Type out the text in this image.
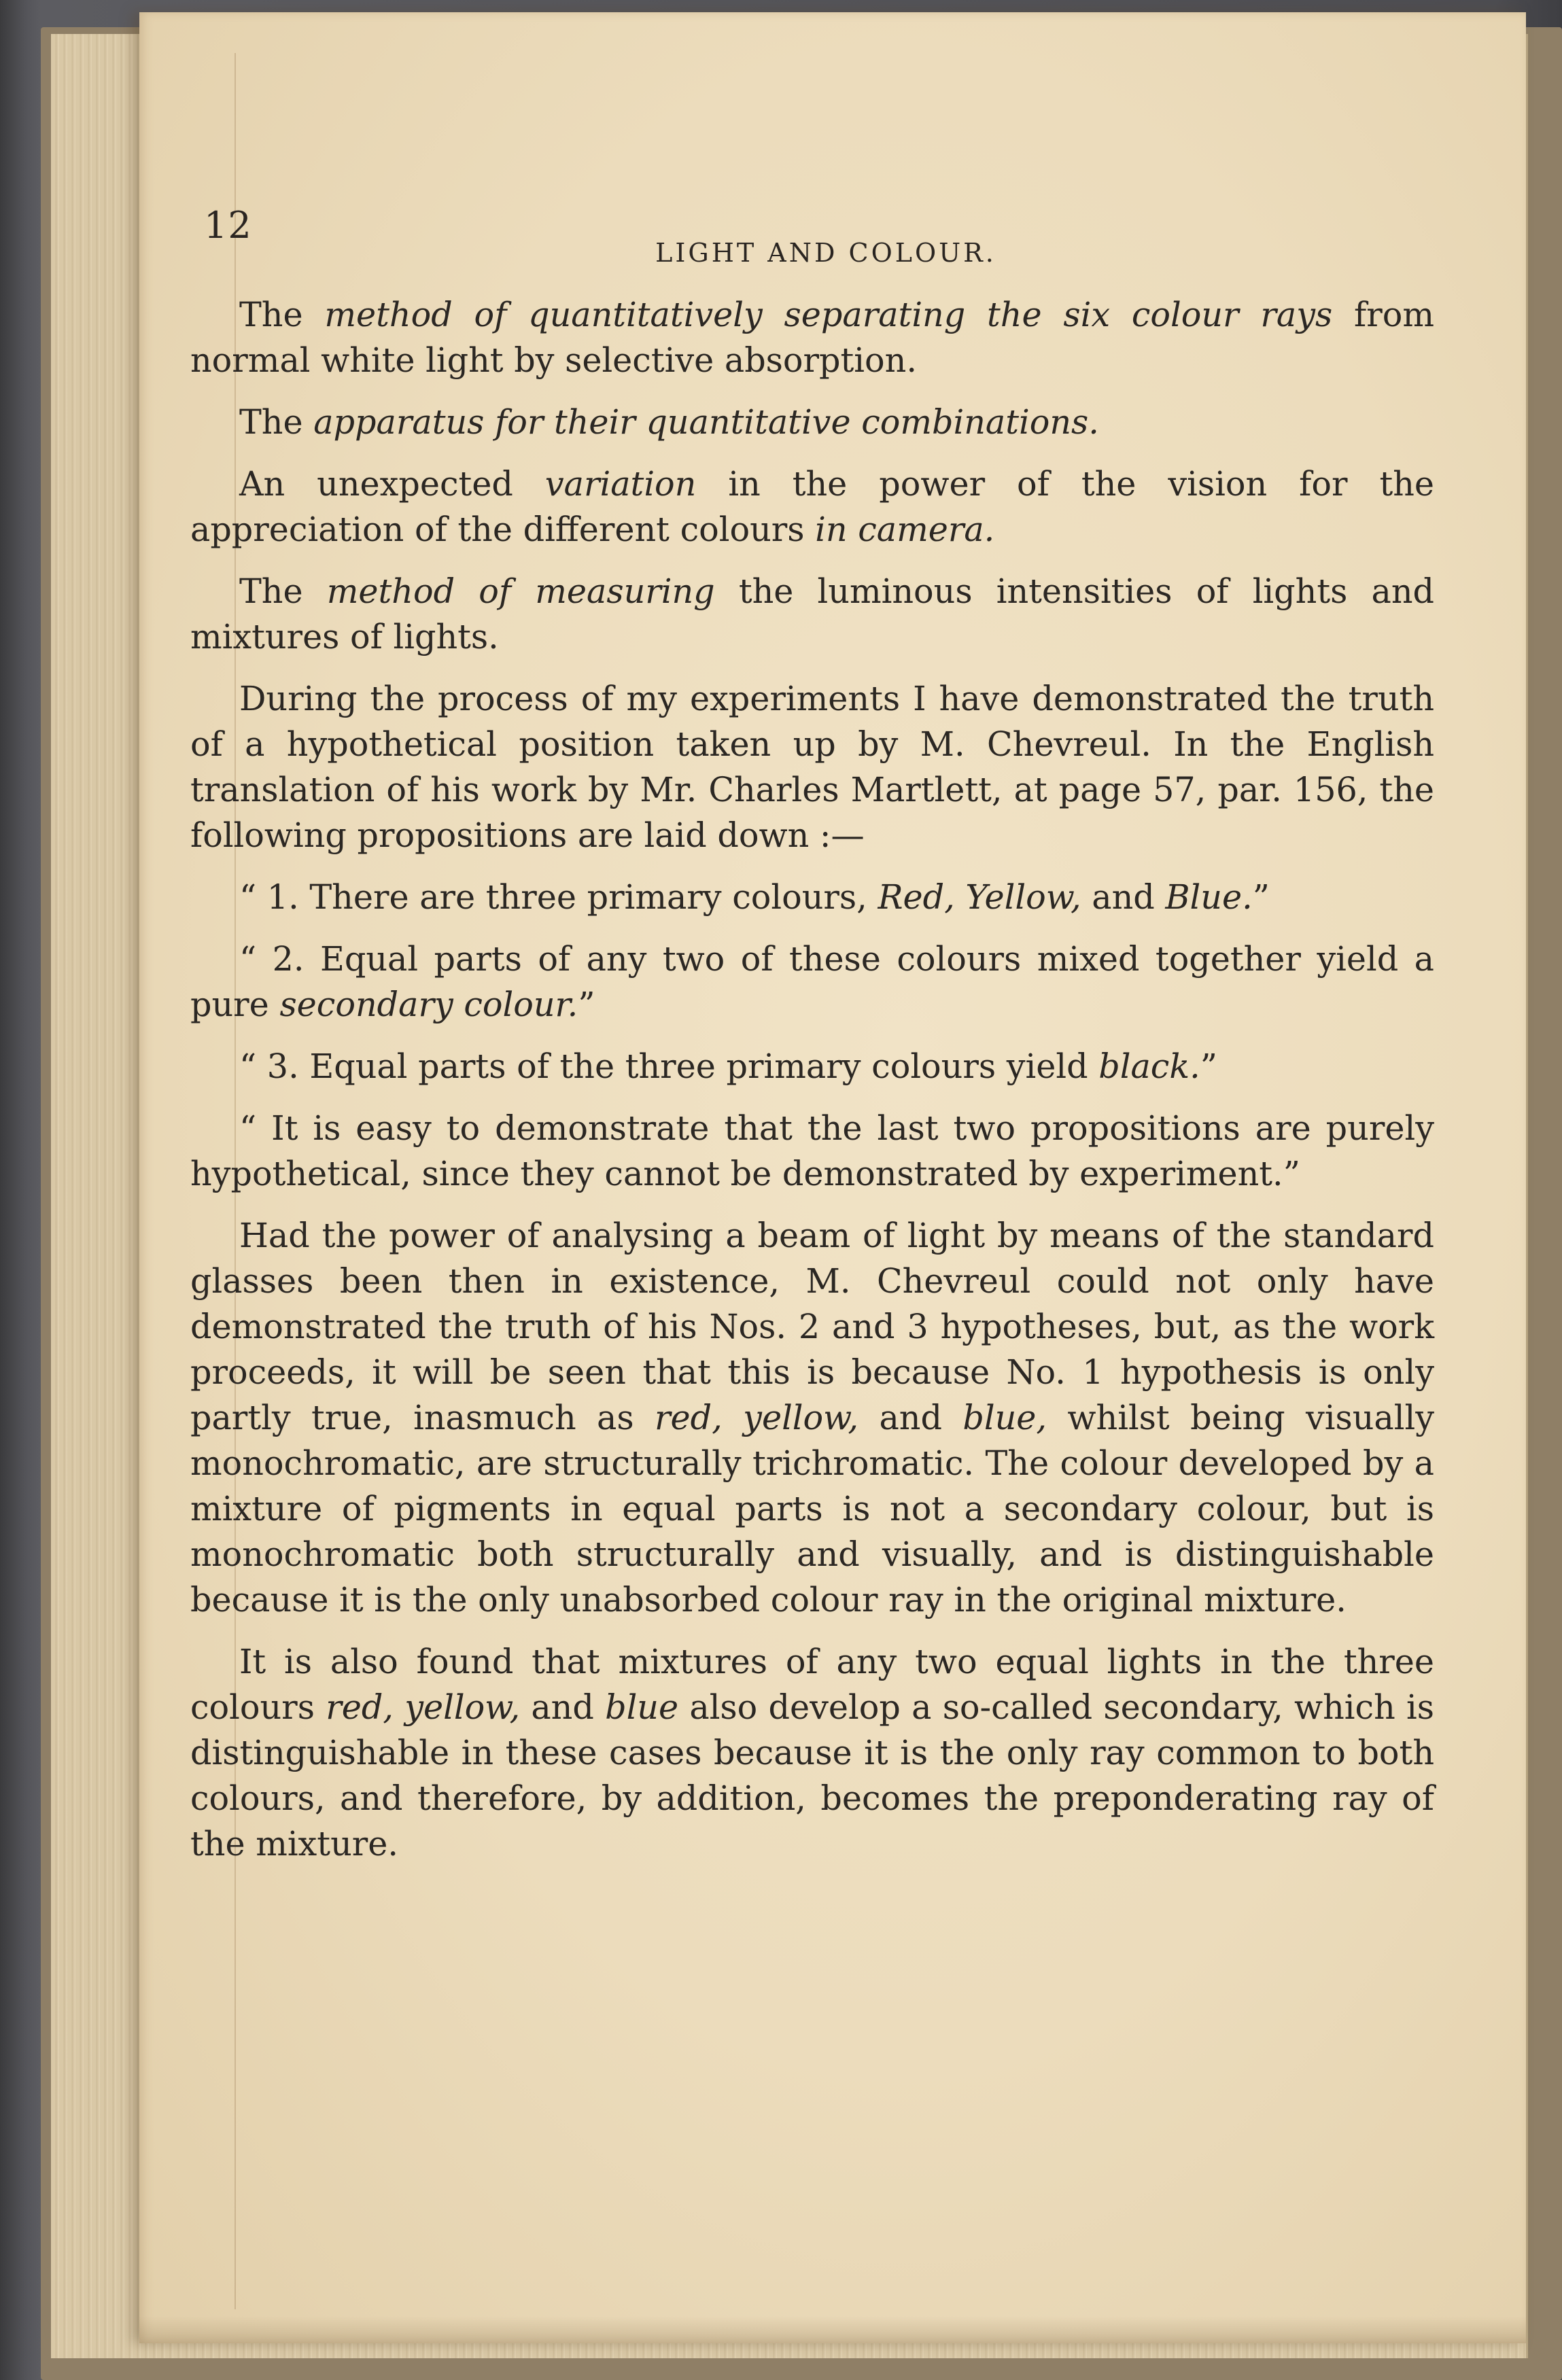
12
LIGHT AND COLOUR.

The method of quantitatively separating the six colour rays from normal white light by selective absorption.

The apparatus for their quantitative combinations.

An unexpected variation in the power of the vision for the appreciation of the different colours in camera.

The method of measuring the luminous intensities of lights and mixtures of lights.

During the process of my experiments I have demonstrated the truth of a hypothetical position taken up by M. Chevreul. In the English translation of his work by Mr. Charles Martlett, at page 57, par. 156, the following propositions are laid down :—

“ 1. There are three primary colours, Red, Yellow, and Blue.”

“ 2. Equal parts of any two of these colours mixed together yield a pure secondary colour.”

“ 3. Equal parts of the three primary colours yield black.”

“ It is easy to demonstrate that the last two propositions are purely hypothetical, since they cannot be demonstrated by experiment.”

Had the power of analysing a beam of light by means of the standard glasses been then in existence, M. Chevreul could not only have demonstrated the truth of his Nos. 2 and 3 hypotheses, but, as the work proceeds, it will be seen that this is because No. 1 hypothesis is only partly true, inasmuch as red, yellow, and blue, whilst being visually monochromatic, are structurally trichromatic. The colour developed by a mixture of pigments in equal parts is not a secondary colour, but is monochromatic both structurally and visually, and is distinguishable because it is the only unabsorbed colour ray in the original mixture.

It is also found that mixtures of any two equal lights in the three colours red, yellow, and blue also develop a so-called secondary, which is distinguishable in these cases because it is the only ray common to both colours, and therefore, by addition, becomes the preponderating ray of the mixture.
